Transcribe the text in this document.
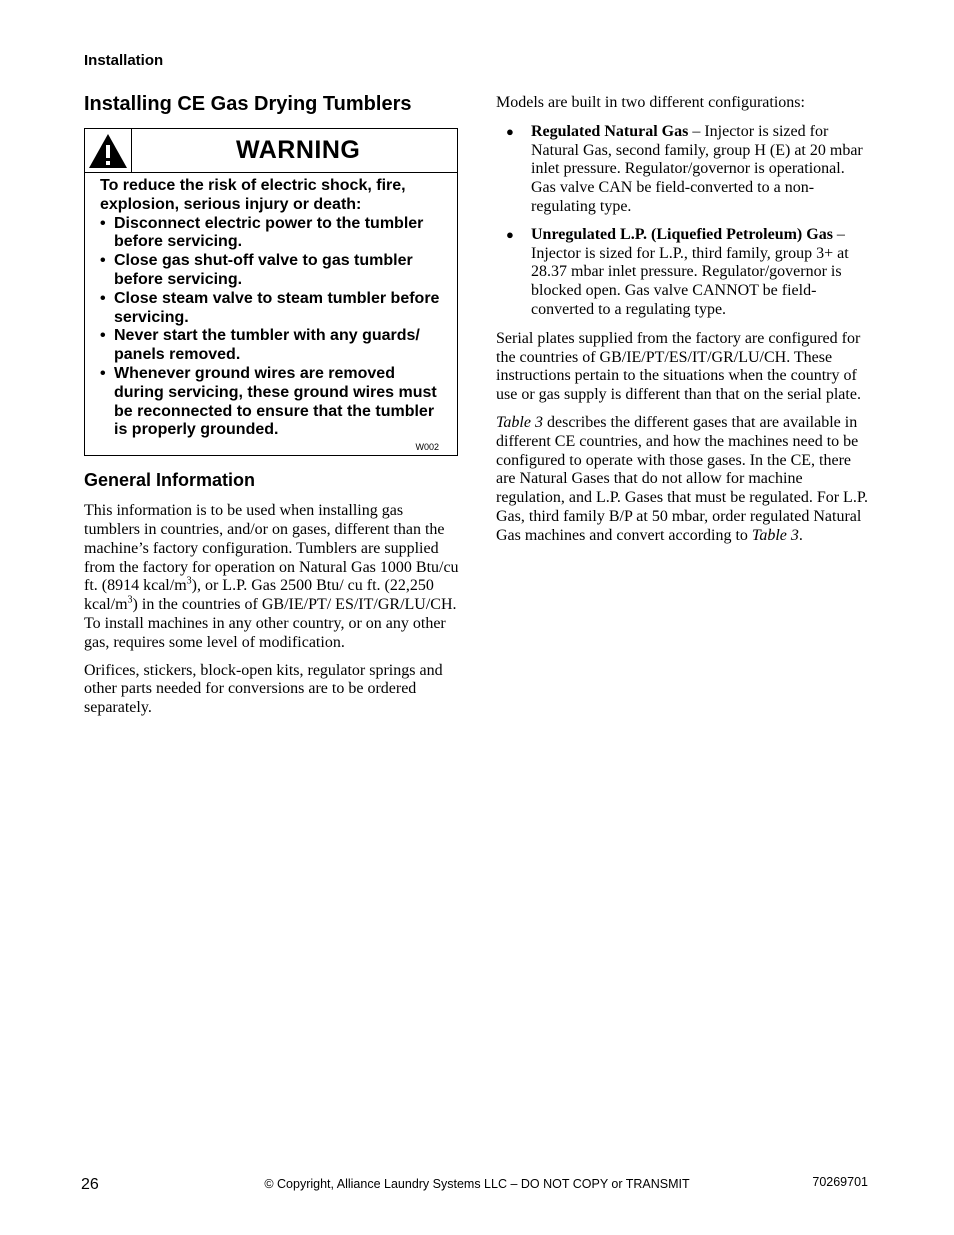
Installation
Installing CE Gas Drying Tumblers
WARNING
To reduce the risk of electric shock, fire, explosion, serious injury or death:
• Disconnect electric power to the tumbler before servicing.
• Close gas shut-off valve to gas tumbler before servicing.
• Close steam valve to steam tumbler before servicing.
• Never start the tumbler with any guards/ panels removed.
• Whenever ground wires are removed during servicing, these ground wires must be reconnected to ensure that the tumbler is properly grounded.
W002
General Information

This information is to be used when installing gas tumblers in countries, and/or on gases, different than the machine’s factory configuration. Tumblers are supplied from the factory for operation on Natural Gas 1000 Btu/cu ft. (8914 kcal/$m^3$), or L.P. Gas 2500 Btu/ cu ft. (22,250 kcal/$m^3$) in the countries of GB/IE/PT/ ES/IT/GR/LU/CH. To install machines in any other country, or on any other gas, requires some level of modification.

Orifices, stickers, block-open kits, regulator springs and other parts needed for conversions are to be ordered separately.

Models are built in two different configurations:

● Regulated Natural Gas – Injector is sized for Natural Gas, second family, group H (E) at 20 mbar inlet pressure. Regulator/governor is operational. Gas valve CAN be field-converted to a non-regulating type.
● Unregulated L.P. (Liquefied Petroleum) Gas – Injector is sized for L.P., third family, group 3+ at 28.37 mbar inlet pressure. Regulator/governor is blocked open. Gas valve CANNOT be field-converted to a regulating type.

Serial plates supplied from the factory are configured for the countries of GB/IE/PT/ES/IT/GR/LU/CH. These instructions pertain to the situations when the country of use or gas supply is different than that on the serial plate.

Table 3 describes the different gases that are available in different CE countries, and how the machines need to be configured to operate with those gases. In the CE, there are Natural Gases that do not allow for machine regulation, and L.P. Gases that must be regulated. For L.P. Gas, third family B/P at 50 mbar, order regulated Natural Gas machines and convert according to Table 3.

26	© Copyright, Alliance Laundry Systems LLC – DO NOT COPY or TRANSMIT	70269701
